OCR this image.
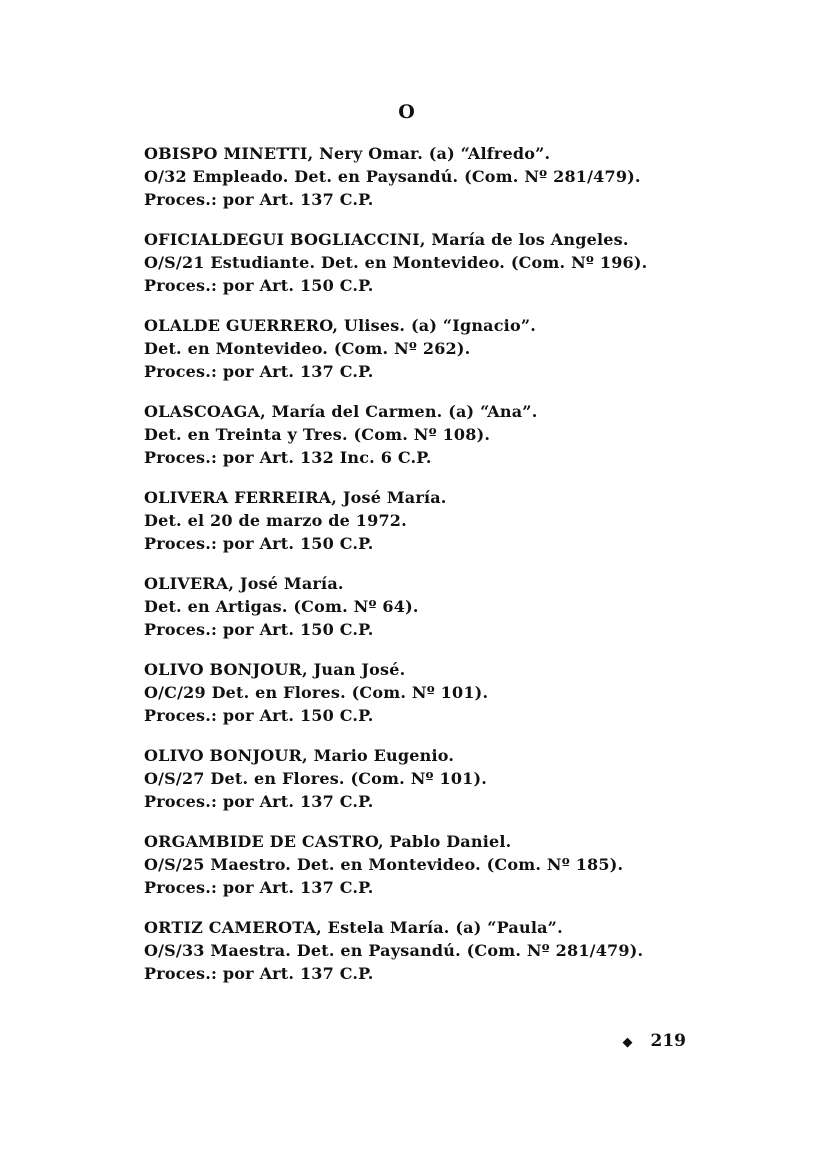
O
OBISPO MINETTI, Nery Omar. (a) “Alfredo”.
O/32 Empleado. Det. en Paysandú. (Com. Nº 281/479).
Proces.: por Art. 137 C.P.
OFICIALDEGUI BOGLIACCINI, María de los Angeles.
O/S/21 Estudiante. Det. en Montevideo. (Com. Nº 196).
Proces.: por Art. 150 C.P.
OLALDE GUERRERO, Ulises. (a) “Ignacio”.
Det. en Montevideo. (Com. Nº 262).
Proces.: por Art. 137 C.P.
OLASCOAGA, María del Carmen. (a) “Ana”.
Det. en Treinta y Tres. (Com. Nº 108).
Proces.: por Art. 132 Inc. 6 C.P.
OLIVERA FERREIRA, José María.
Det. el 20 de marzo de 1972.
Proces.: por Art. 150 C.P.
OLIVERA, José María.
Det. en Artigas. (Com. Nº 64).
Proces.: por Art. 150 C.P.
OLIVO BONJOUR, Juan José.
O/C/29 Det. en Flores. (Com. Nº 101).
Proces.: por Art. 150 C.P.
OLIVO BONJOUR, Mario Eugenio.
O/S/27 Det. en Flores. (Com. Nº 101).
Proces.: por Art. 137 C.P.
ORGAMBIDE DE CASTRO, Pablo Daniel.
O/S/25 Maestro. Det. en Montevideo. (Com. Nº 185).
Proces.: por Art. 137 C.P.
ORTIZ CAMEROTA, Estela María. (a) “Paula”.
O/S/33 Maestra. Det. en Paysandú. (Com. Nº 281/479).
Proces.: por Art. 137 C.P.
◆ 219
